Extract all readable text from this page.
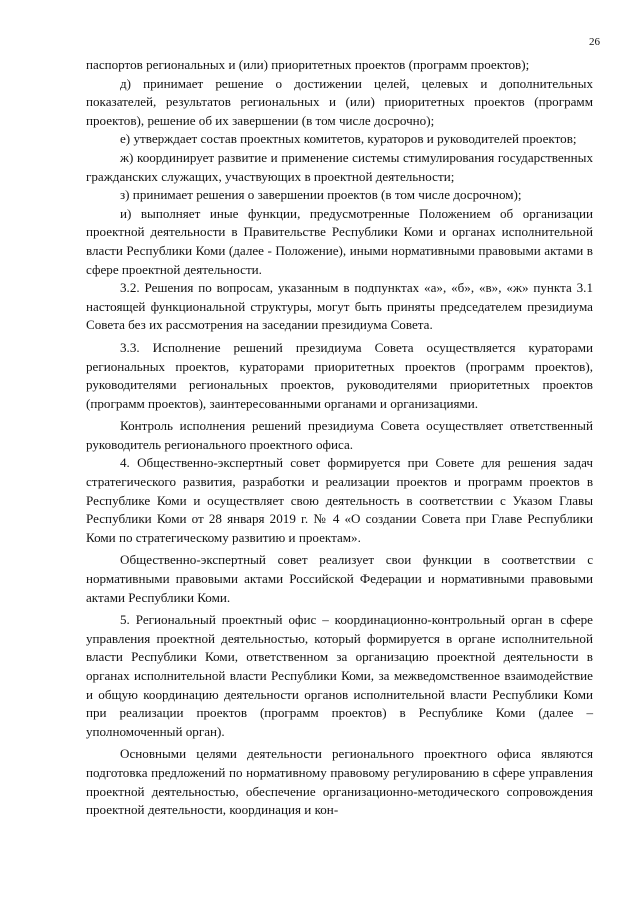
26

паспортов региональных и (или) приоритетных проектов (программ проектов);

д) принимает решение о достижении целей, целевых и дополнительных показателей, результатов региональных и (или) приоритетных проектов (программ проектов), решение об их завершении (в том числе досрочно);

е) утверждает состав проектных комитетов, кураторов и руководителей проектов;

ж) координирует развитие и применение системы стимулирования государственных гражданских служащих, участвующих в проектной деятельности;

з) принимает решения о завершении проектов (в том числе досрочном);

и) выполняет иные функции, предусмотренные Положением об организации проектной деятельности в Правительстве Республики Коми и органах исполнительной власти Республики Коми (далее - Положение), иными нормативными правовыми актами в сфере проектной деятельности.

3.2. Решения по вопросам, указанным в подпунктах «а», «б», «в», «ж» пункта 3.1 настоящей функциональной структуры, могут быть приняты председателем президиума Совета без их рассмотрения на заседании президиума Совета.

3.3. Исполнение решений президиума Совета осуществляется кураторами региональных проектов, кураторами приоритетных проектов (программ проектов), руководителями региональных проектов, руководителями приоритетных проектов (программ проектов), заинтересованными органами и организациями.

Контроль исполнения решений президиума Совета осуществляет ответственный руководитель регионального проектного офиса.

4. Общественно-экспертный совет формируется при Совете для решения задач стратегического развития, разработки и реализации проектов и программ проектов в Республике Коми и осуществляет свою деятельность в соответствии с Указом Главы Республики Коми от 28 января 2019 г. № 4 «О создании Совета при Главе Республики Коми по стратегическому развитию и проектам».

Общественно-экспертный совет реализует свои функции в соответствии с нормативными правовыми актами Российской Федерации и нормативными правовыми актами Республики Коми.

5. Региональный проектный офис – координационно-контрольный орган в сфере управления проектной деятельностью, который формируется в органе исполнительной власти Республики Коми, ответственном за организацию проектной деятельности в органах исполнительной власти Республики Коми, за межведомственное взаимодействие и общую координацию деятельности органов исполнительной власти Республики Коми при реализации проектов (программ проектов) в Республике Коми (далее – уполномоченный орган).

Основными целями деятельности регионального проектного офиса являются подготовка предложений по нормативному правовому регулированию в сфере управления проектной деятельностью, обеспечение организационно-методического сопровождения проектной деятельности, координация и кон-
